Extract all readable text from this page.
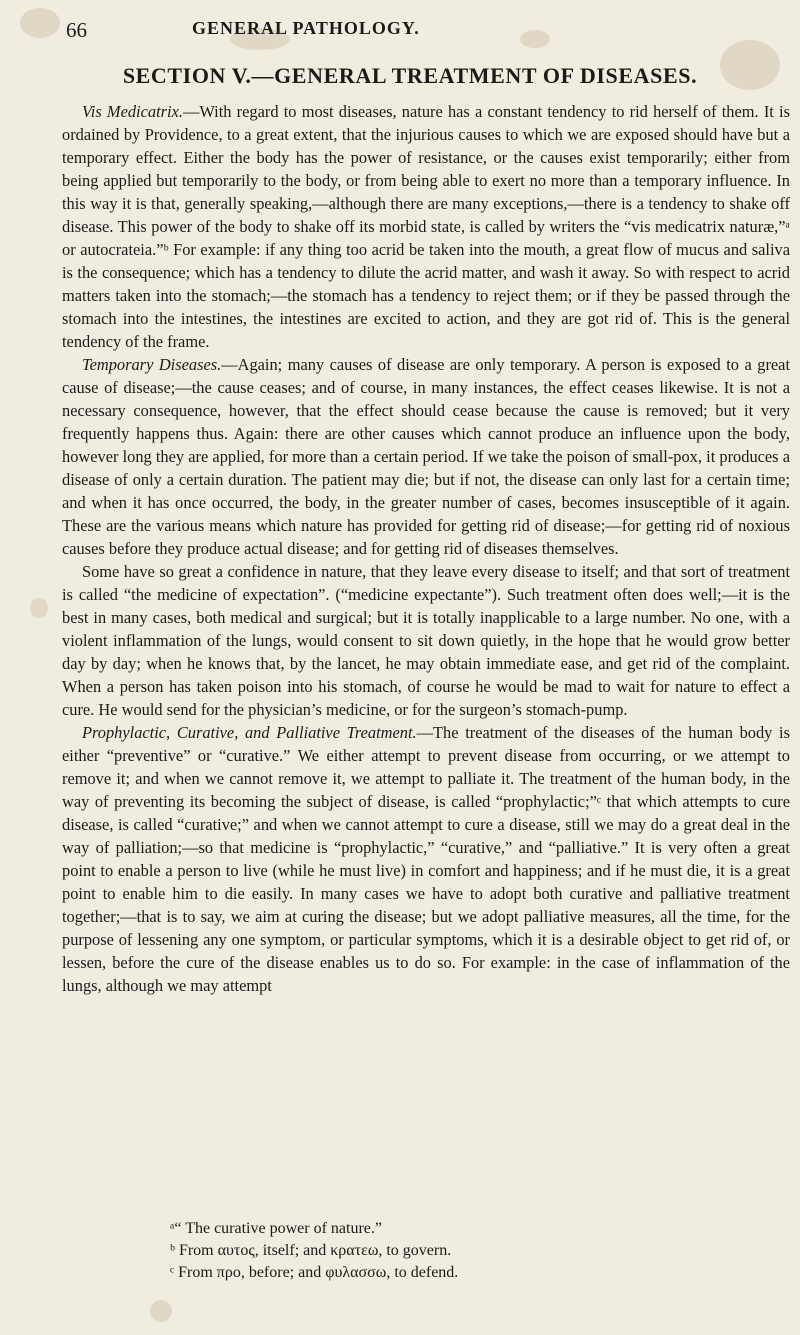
66	GENERAL PATHOLOGY.
SECTION V.—GENERAL TREATMENT OF DISEASES.

Vis Medicatrix.—With regard to most diseases, nature has a constant tendency to rid herself of them. It is ordained by Providence, to a great extent, that the injurious causes to which we are exposed should have but a temporary effect. Either the body has the power of resistance, or the causes exist temporarily; either from being applied but temporarily to the body, or from being able to exert no more than a temporary influence. In this way it is that, generally speaking,—although there are many exceptions,—there is a tendency to shake off disease. This power of the body to shake off its morbid state, is called by writers the “vis medicatrix naturæ,”ᵃ or autocrateia.”ᵇ For example: if any thing too acrid be taken into the mouth, a great flow of mucus and saliva is the consequence; which has a tendency to dilute the acrid matter, and wash it away. So with respect to acrid matters taken into the stomach;—the stomach has a tendency to reject them; or if they be passed through the stomach into the intestines, the intestines are excited to action, and they are got rid of. This is the general tendency of the frame.

Temporary Diseases.—Again; many causes of disease are only temporary. A person is exposed to a great cause of disease;—the cause ceases; and of course, in many instances, the effect ceases likewise. It is not a necessary consequence, however, that the effect should cease because the cause is removed; but it very frequently happens thus. Again: there are other causes which cannot produce an influence upon the body, however long they are applied, for more than a certain period. If we take the poison of small-pox, it produces a disease of only a certain duration. The patient may die; but if not, the disease can only last for a certain time; and when it has once occurred, the body, in the greater number of cases, becomes insusceptible of it again. These are the various means which nature has provided for getting rid of disease;—for getting rid of noxious causes before they produce actual disease; and for getting rid of diseases themselves.

Some have so great a confidence in nature, that they leave every disease to itself; and that sort of treatment is called “the medicine of expectation”. (“medicine expectante”). Such treatment often does well;—it is the best in many cases, both medical and surgical; but it is totally inapplicable to a large number. No one, with a violent inflammation of the lungs, would consent to sit down quietly, in the hope that he would grow better day by day; when he knows that, by the lancet, he may obtain immediate ease, and get rid of the complaint. When a person has taken poison into his stomach, of course he would be mad to wait for nature to effect a cure. He would send for the physician’s medicine, or for the surgeon’s stomach-pump.

Prophylactic, Curative, and Palliative Treatment.—The treatment of the diseases of the human body is either “preventive” or “curative.” We either attempt to prevent disease from occurring, or we attempt to remove it; and when we cannot remove it, we attempt to palliate it. The treatment of the human body, in the way of preventing its becoming the subject of disease, is called “prophylactic;”ᶜ that which attempts to cure disease, is called “curative;” and when we cannot attempt to cure a disease, still we may do a great deal in the way of palliation;—so that medicine is “prophylactic,” “curative,” and “palliative.” It is very often a great point to enable a person to live (while he must live) in comfort and happiness; and if he must die, it is a great point to enable him to die easily. In many cases we have to adopt both curative and palliative treatment together;—that is to say, we aim at curing the disease; but we adopt palliative measures, all the time, for the purpose of lessening any one symptom, or particular symptoms, which it is a desirable object to get rid of, or lessen, before the cure of the disease enables us to do so. For example: in the case of inflammation of the lungs, although we may attempt

ᵃ“ The curative power of nature.”
ᵇ From αυτος, itself; and κρατεω, to govern.
ᶜ From προ, before; and φυλασσω, to defend.
